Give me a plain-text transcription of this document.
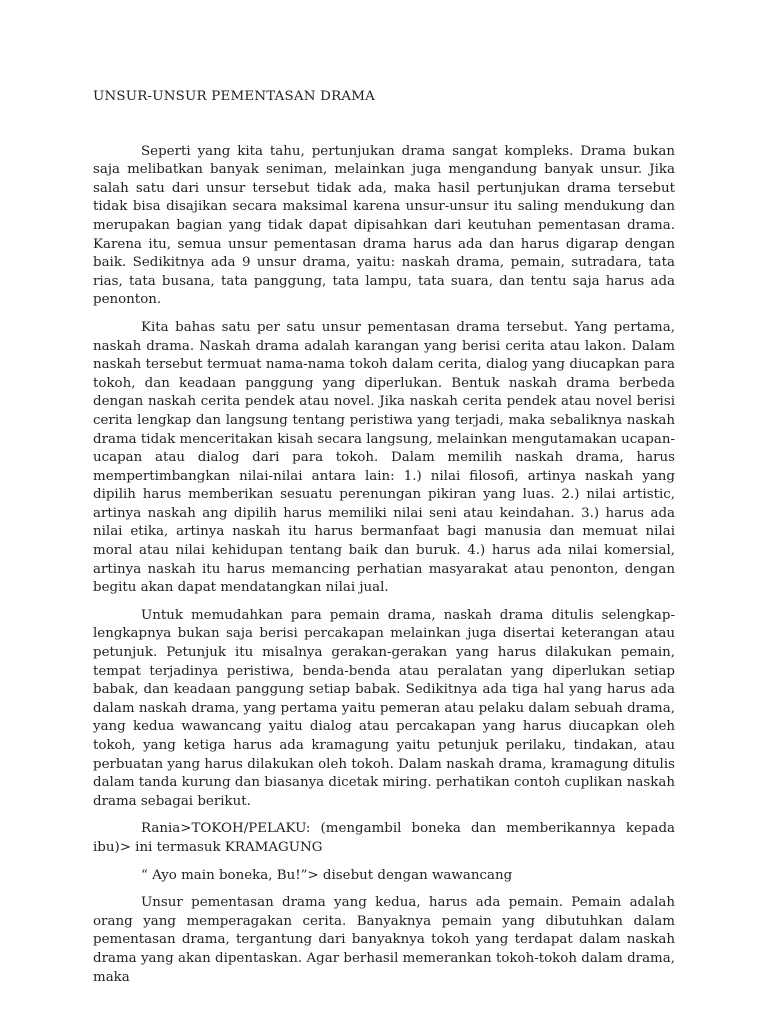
UNSUR-UNSUR PEMENTASAN DRAMA

Seperti yang kita tahu, pertunjukan drama sangat kompleks. Drama bukan saja melibatkan banyak seniman, melainkan juga mengandung banyak unsur. Jika salah satu dari unsur tersebut tidak ada, maka hasil pertunjukan drama tersebut tidak bisa disajikan secara maksimal karena unsur-unsur itu saling mendukung dan merupakan bagian yang tidak dapat dipisahkan dari keutuhan pementasan drama. Karena itu, semua unsur pementasan drama harus ada dan harus digarap dengan baik. Sedikitnya ada 9 unsur drama, yaitu: naskah drama, pemain, sutradara, tata rias, tata busana, tata panggung, tata lampu, tata suara, dan tentu saja harus ada penonton.

Kita bahas satu per satu unsur pementasan drama tersebut. Yang pertama, naskah drama. Naskah drama adalah karangan yang berisi cerita atau lakon. Dalam naskah tersebut termuat nama-nama tokoh dalam cerita, dialog yang diucapkan para tokoh, dan keadaan panggung yang diperlukan. Bentuk naskah drama berbeda dengan naskah cerita pendek atau novel. Jika naskah cerita pendek atau novel berisi cerita lengkap dan langsung tentang peristiwa yang terjadi, maka sebaliknya naskah drama tidak menceritakan kisah secara langsung, melainkan mengutamakan ucapan-ucapan atau dialog dari para tokoh. Dalam memilih naskah drama, harus mempertimbangkan nilai-nilai antara lain: 1.) nilai filosofi, artinya naskah yang dipilih harus memberikan sesuatu perenungan pikiran yang luas. 2.) nilai artistic, artinya naskah ang dipilih harus memiliki nilai seni atau keindahan. 3.) harus ada nilai etika, artinya naskah itu harus bermanfaat bagi manusia dan memuat nilai moral atau nilai kehidupan tentang baik dan buruk. 4.) harus ada nilai komersial, artinya naskah itu harus memancing perhatian masyarakat atau penonton, dengan begitu akan dapat mendatangkan nilai jual.

Untuk memudahkan para pemain drama, naskah drama ditulis selengkap-lengkapnya bukan saja berisi percakapan melainkan juga disertai keterangan atau petunjuk. Petunjuk itu misalnya gerakan-gerakan yang harus dilakukan pemain, tempat terjadinya peristiwa, benda-benda atau peralatan yang diperlukan setiap babak, dan keadaan panggung setiap babak. Sedikitnya ada tiga hal yang harus ada dalam naskah drama, yang pertama yaitu pemeran atau pelaku dalam sebuah drama, yang kedua wawancang yaitu dialog atau percakapan yang harus diucapkan oleh tokoh, yang ketiga harus ada kramagung yaitu petunjuk perilaku, tindakan, atau perbuatan yang harus dilakukan oleh tokoh. Dalam naskah drama, kramagung ditulis dalam tanda kurung dan biasanya dicetak miring. perhatikan contoh cuplikan naskah drama sebagai berikut.

Rania>TOKOH/PELAKU: (mengambil boneka dan memberikannya kepada ibu)> ini termasuk KRAMAGUNG

“ Ayo main boneka, Bu!”> disebut dengan wawancang

Unsur pementasan drama yang kedua, harus ada pemain. Pemain adalah orang yang memperagakan cerita. Banyaknya pemain yang dibutuhkan dalam pementasan drama, tergantung dari banyaknya tokoh yang terdapat dalam naskah drama yang akan dipentaskan. Agar berhasil memerankan tokoh-tokoh dalam drama, maka
